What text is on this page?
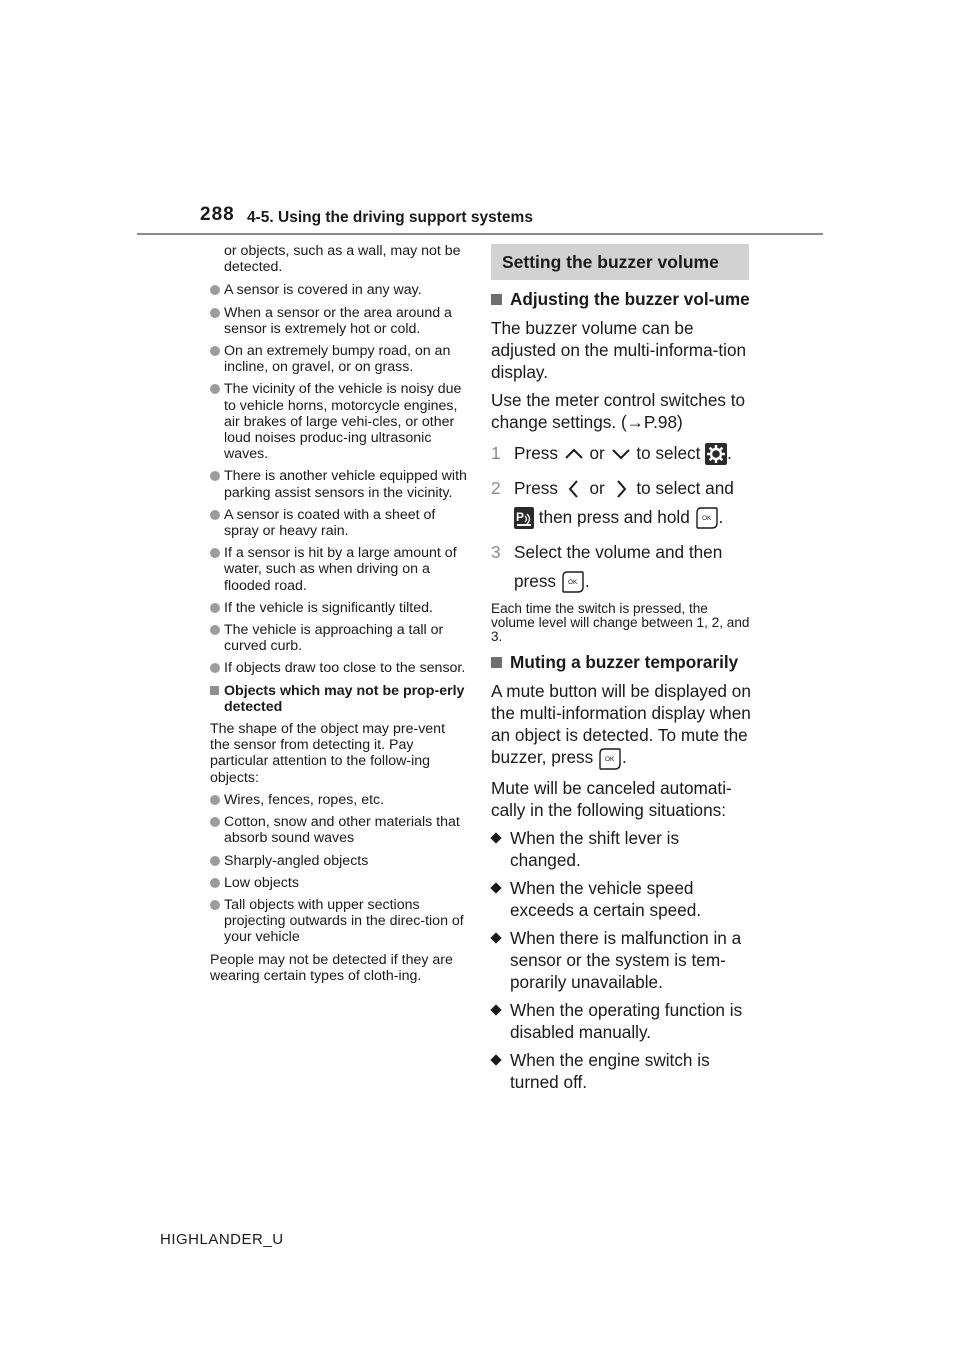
288 4-5. Using the driving support systems

or objects, such as a wall, may not be detected.

A sensor is covered in any way.
When a sensor or the area around a sensor is extremely hot or cold.
On an extremely bumpy road, on an incline, on gravel, or on grass.
The vicinity of the vehicle is noisy due to vehicle horns, motorcycle engines, air brakes of large vehi-cles, or other loud noises produc-ing ultrasonic waves.
There is another vehicle equipped with parking assist sensors in the vicinity.
A sensor is coated with a sheet of spray or heavy rain.
If a sensor is hit by a large amount of water, such as when driving on a flooded road.
If the vehicle is significantly tilted.
The vehicle is approaching a tall or curved curb.
If objects draw too close to the sensor.
Objects which may not be prop-erly detected

The shape of the object may pre-vent the sensor from detecting it. Pay particular attention to the follow-ing objects:

Wires, fences, ropes, etc.
Cotton, snow and other materials that absorb sound waves
Sharply-angled objects
Low objects
Tall objects with upper sections projecting outwards in the direc-tion of your vehicle

People may not be detected if they are wearing certain types of cloth-ing.

Setting the buzzer volume
Adjusting the buzzer vol-ume

The buzzer volume can be adjusted on the multi-informa-tion display.

Use the meter control switches to change settings. (→P.98)

1 Press or to select .
2 Press or to select and

P then press and hold OK .
3 Select the volume and then press OK .

Each time the switch is pressed, the volume level will change between 1, 2, and 3.

Muting a buzzer temporarily

A mute button will be displayed on the multi-information display when an object is detected. To mute the buzzer, press OK .

Mute will be canceled automati-cally in the following situations:

When the shift lever is changed.
When the vehicle speed exceeds a certain speed.
When there is malfunction in a sensor or the system is tem-porarily unavailable.
When the operating function is disabled manually.
When the engine switch is turned off.
HIGHLANDER_U
